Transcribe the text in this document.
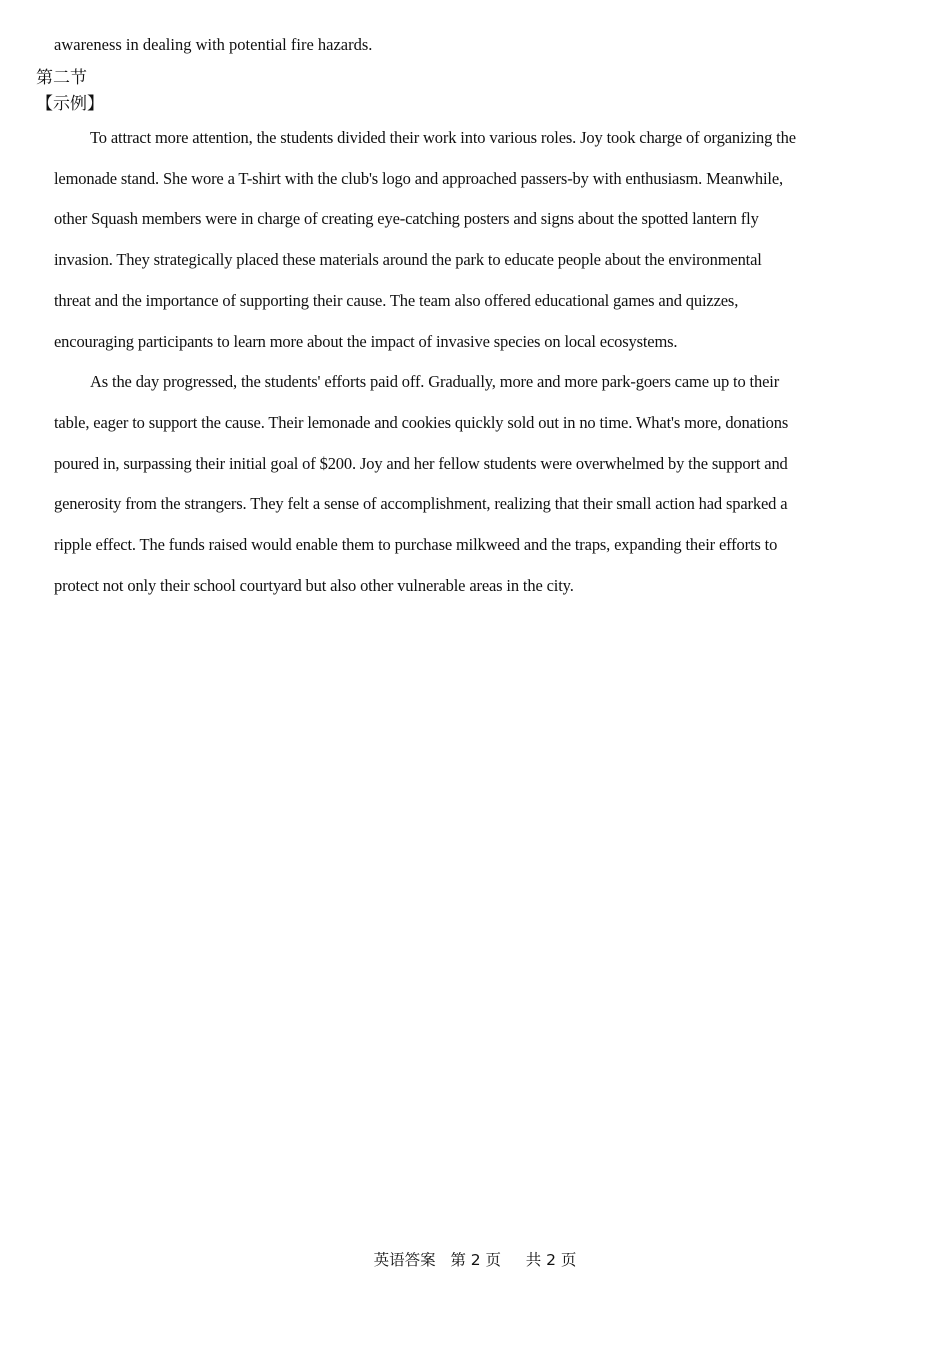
awareness in dealing with potential fire hazards.
第二节
【示例】

To attract more attention, the students divided their work into various roles. Joy took charge of organizing the
lemonade stand. She wore a T-shirt with the club's logo and approached passers-by with enthusiasm. Meanwhile,
other Squash members were in charge of creating eye-catching posters and signs about the spotted lantern fly
invasion. They strategically placed these materials around the park to educate people about the environmental
threat and the importance of supporting their cause. The team also offered educational games and quizzes,
encouraging participants to learn more about the impact of invasive species on local ecosystems.

As the day progressed, the students' efforts paid off. Gradually, more and more park-goers came up to their
table, eager to support the cause. Their lemonade and cookies quickly sold out in no time. What's more, donations
poured in, surpassing their initial goal of $200. Joy and her fellow students were overwhelmed by the support and
generosity from the strangers. They felt a sense of accomplishment, realizing that their small action had sparked a
ripple effect. The funds raised would enable them to purchase milkweed and the traps, expanding their efforts to
protect not only their school courtyard but also other vulnerable areas in the city.

英语答案   第 2 页     共 2 页
